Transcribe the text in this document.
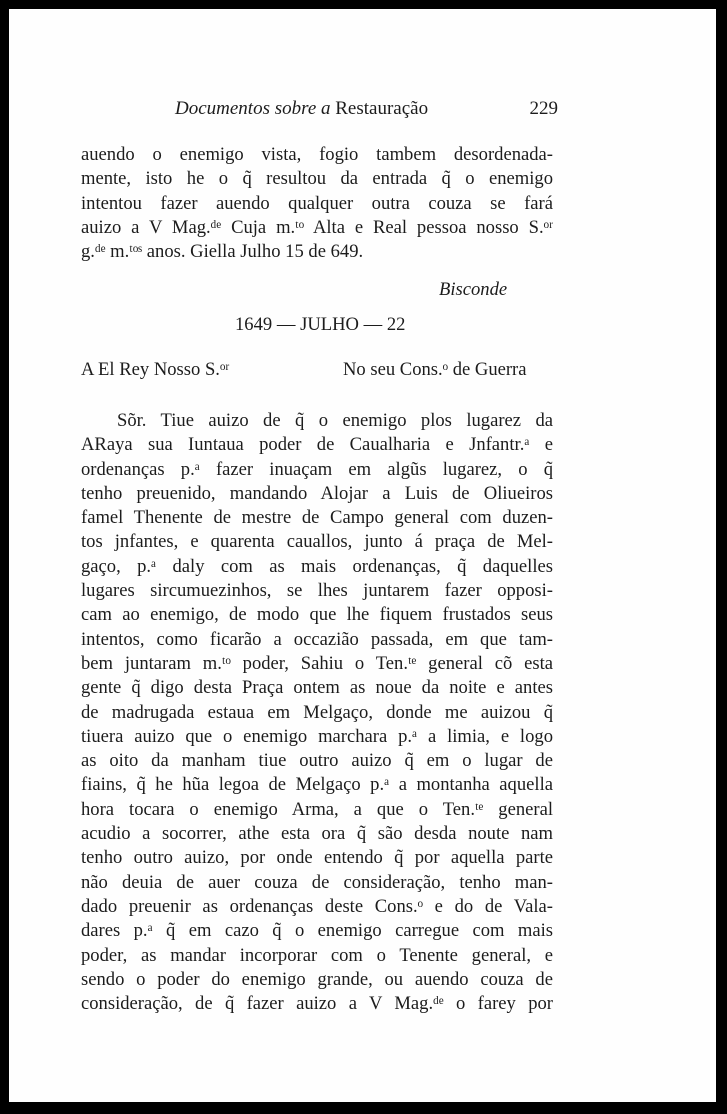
Documentos sobre a Restauração	229
auendo o enemigo vista, fogio tambem desordenada-
mente, isto he o q̃ resultou da entrada q̃ o enemigo
intentou fazer auendo qualquer outra couza se fará
auizo a V Mag.ᵈᵉ Cuja m.ᵗᵒ Alta e Real pessoa nosso S.ᵒʳ
g.ᵈᵉ m.ᵗᵒˢ anos. Giella Julho 15 de 649.
Bisconde
1649 — JULHO — 22
A El Rey Nosso S.ᵒʳ	No seu Cons.ᵒ de Guerra
Sõr. Tiue auizo de q̃ o enemigo plos lugarez da
ARaya sua Iuntaua poder de Caualharia e Jnfantr.ᵃ e
ordenanças p.ᵃ fazer inuaçam em algũs lugarez, o q̃
tenho preuenido, mandando Alojar a Luis de Oliueiros
famel Thenente de mestre de Campo general com duzen-
tos jnfantes, e quarenta cauallos, junto á praça de Mel-
gaço, p.ᵃ daly com as mais ordenanças, q̃ daquelles
lugares sircumuezinhos, se lhes juntarem fazer opposi-
cam ao enemigo, de modo que lhe fiquem frustados seus
intentos, como ficarão a occazião passada, em que tam-
bem juntaram m.ᵗᵒ poder, Sahiu o Ten.ᵗᵉ general cõ esta
gente q̃ digo desta Praça ontem as noue da noite e antes
de madrugada estaua em Melgaço, donde me auizou q̃
tiuera auizo que o enemigo marchara p.ᵃ a limia, e logo
as oito da manham tiue outro auizo q̃ em o lugar de
fiains, q̃ he hũa legoa de Melgaço p.ᵃ a montanha aquella
hora tocara o enemigo Arma, a que o Ten.ᵗᵉ general
acudio a socorrer, athe esta ora q̃ são desda noute nam
tenho outro auizo, por onde entendo q̃ por aquella parte
não deuia de auer couza de consideração, tenho man-
dado preuenir as ordenanças deste Cons.ᵒ e do de Vala-
dares p.ᵃ q̃ em cazo q̃ o enemigo carregue com mais
poder, as mandar incorporar com o Tenente general, e
sendo o poder do enemigo grande, ou auendo couza de
consideração, de q̃ fazer auizo a V Mag.ᵈᵉ o farey por
